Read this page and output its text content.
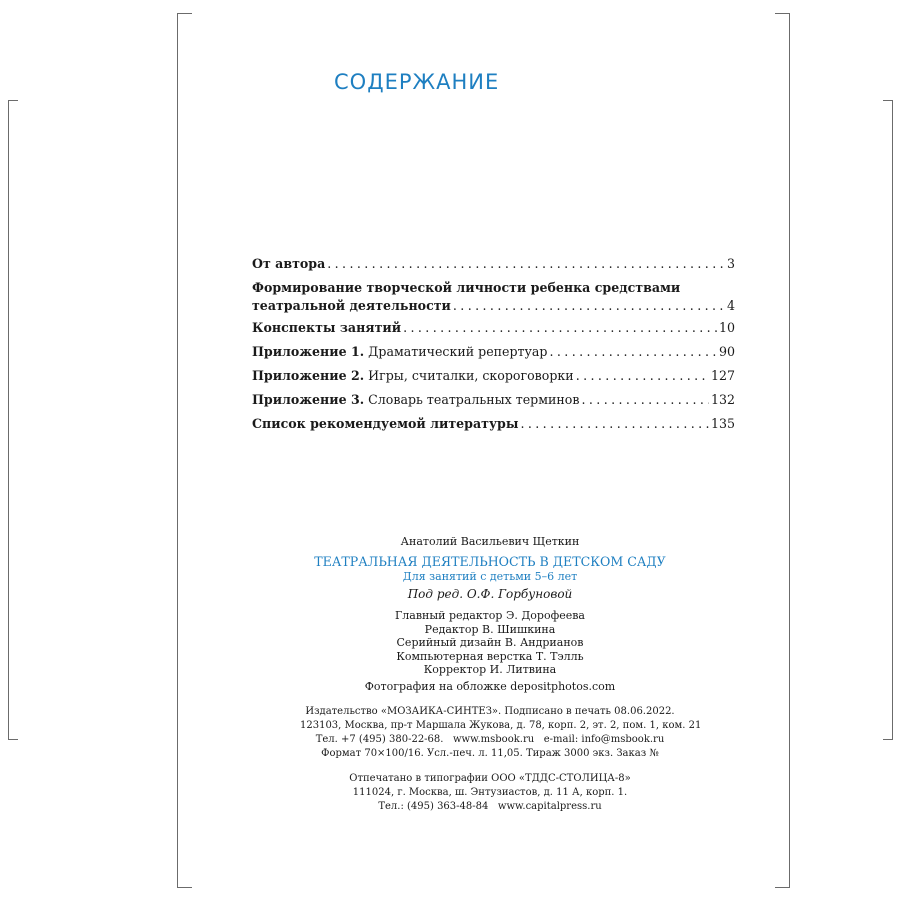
СОДЕРЖАНИЕ
От автора .....	3
Формирование творческой личности ребенка средствами
театральной деятельности .....	4
Конспекты занятий .....	10
Приложение 1. Драматический репертуар .....	90
Приложение 2. Игры, считалки, скороговорки .....	127
Приложение 3. Словарь театральных терминов .....	132
Список рекомендуемой литературы .....	135
Анатолий Васильевич Щеткин
ТЕАТРАЛЬНАЯ ДЕЯТЕЛЬНОСТЬ В ДЕТСКОМ САДУ
Для занятий с детьми 5–6 лет
Под ред. О.Ф. Горбуновой
Главный редактор Э. Дорофеева
Редактор В. Шишкина
Серийный дизайн В. Андрианов
Компьютерная верстка Т. Тэлль
Корректор И. Литвина
Фотография на обложке depositphotos.com
Издательство «МОЗАИКА-СИНТЕЗ». Подписано в печать 08.06.2022.
123103, Москва, пр-т Маршала Жукова, д. 78, корп. 2, эт. 2, пом. 1, ком. 21
Тел. +7 (495) 380-22-68.   www.msbook.ru   e-mail: info@msbook.ru
Формат 70×100/16. Усл.-печ. л. 11,05. Тираж 3000 экз. Заказ №
Отпечатано в типографии ООО «ТДДС-СТОЛИЦА-8»
111024, г. Москва, ш. Энтузиастов, д. 11 А, корп. 1.
Тел.: (495) 363-48-84   www.capitalpress.ru
